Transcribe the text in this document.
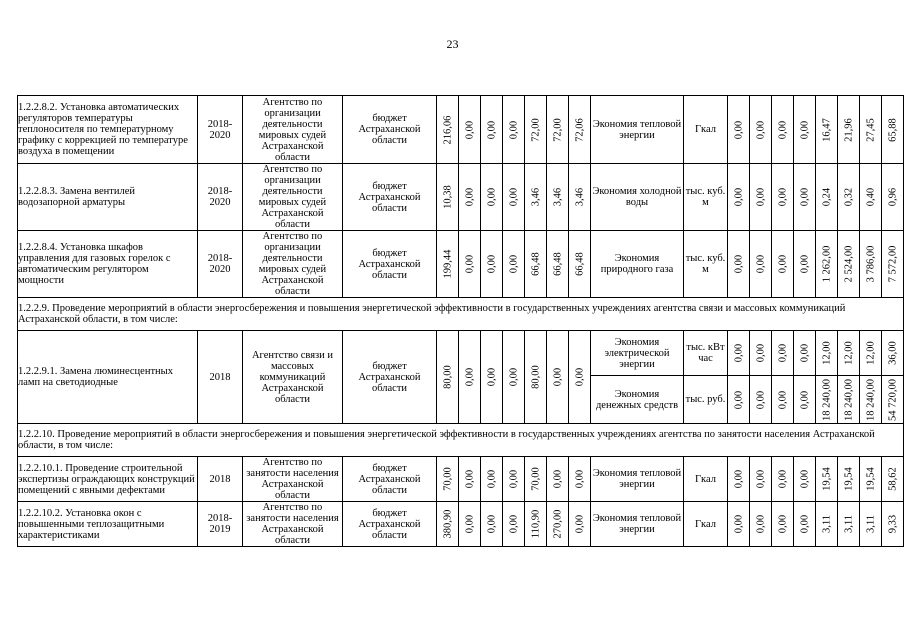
23
1.2.2.8.2. Установка автоматических регуляторов температуры теплоносителя по температурному графику с коррекцией по температуре воздуха в помещении	2018-2020	Агентство по организации деятельности мировых судей Астраханской области	бюджет Астраханской области	216,06	0,00	0,00	0,00	72,00	72,00	72,06	Экономия тепловой энергии	Гкал	0,00	0,00	0,00	0,00	16,47	21,96	27,45	65,88

1.2.2.8.3. Замена вентилей водозапорной арматуры	2018-2020	Агентство по организации деятельности мировых судей Астраханской области	бюджет Астраханской области	10,38	0,00	0,00	0,00	3,46	3,46	3,46	Экономия холодной воды	тыс. куб. м	0,00	0,00	0,00	0,00	0,24	0,32	0,40	0,96

1.2.2.8.4. Установка шкафов управления для газовых горелок с автоматическим регулятором мощности	2018-2020	Агентство по организации деятельности мировых судей Астраханской области	бюджет Астраханской области	199,44	0,00	0,00	0,00	66,48	66,48	66,48	Экономия природного газа	тыс. куб. м	0,00	0,00	0,00	0,00	1 262,00	2 524,00	3 786,00	7 572,00

1.2.2.9. Проведение мероприятий в области энергосбережения и повышения энергетической эффективности в государственных учреждениях агентства связи и массовых коммуникаций Астраханской области, в том числе:																				
1.2.2.9.1. Замена люминесцентных ламп на светодиодные	2018	Агентство связи и массовых коммуникаций Астраханской области	бюджет Астраханской области	80,00	0,00	0,00	0,00	80,00	0,00	0,00	Экономия электрической энергии	тыс. кВт час	0,00	0,00	0,00	0,00	12,00	12,00	12,00	36,00

											Экономия денежных средств	тыс. руб.	0,00	0,00	0,00	0,00	18 240,00	18 240,00	18 240,00	54 720,00

1.2.2.10. Проведение мероприятий в области энергосбережения и повышения энергетической эффективности в государственных учреждениях агентства по занятости населения Астраханской области, в том числе:																				
1.2.2.10.1. Проведение строительной экспертизы ограждающих конструкций помещений с явными дефектами	2018	Агентство по занятости населения Астраханской области	бюджет Астраханской области	70,00	0,00	0,00	0,00	70,00	0,00	0,00	Экономия тепловой энергии	Гкал	0,00	0,00	0,00	0,00	19,54	19,54	19,54	58,62

1.2.2.10.2. Установка окон с повышенными теплозащитными характеристиками	2018-2019	Агентство по занятости населения Астраханской области	бюджет Астраханской области	380,90	0,00	0,00	0,00	110,90	270,00	0,00	Экономия тепловой энергии	Гкал	0,00	0,00	0,00	0,00	3,11	3,11	3,11	9,33
